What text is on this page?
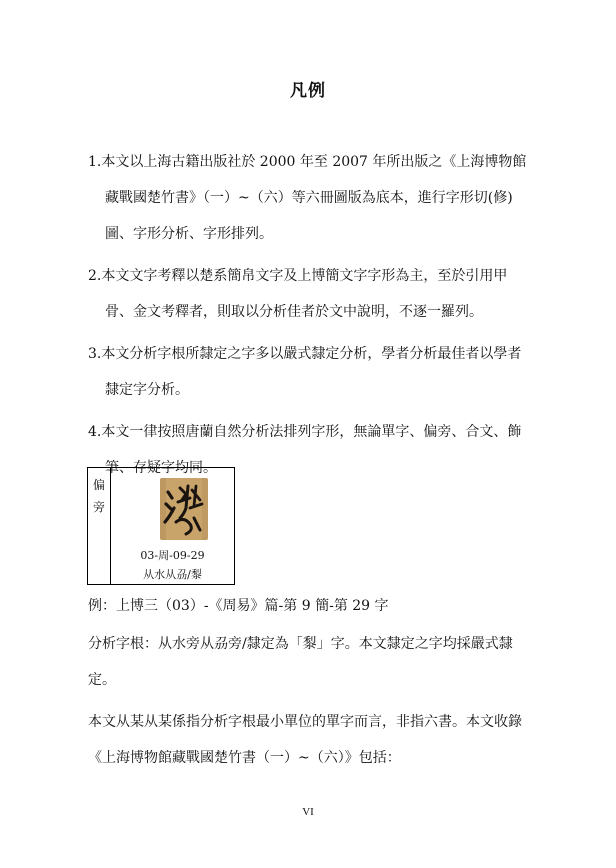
凡例
1.本文以上海古籍出版社於 2000 年至 2007 年所出版之《上海博物館藏戰國楚竹書》（一）~（六）等六冊圖版為底本，進行字形切(修)圖、字形分析、字形排列。
2.本文文字考釋以楚系簡帛文字及上博簡文字字形為主，至於引用甲骨、金文考釋者，則取以分析佳者於文中說明，不逐一羅列。
3.本文分析字根所隸定之字多以嚴式隸定分析，學者分析最佳者以學者隸定字分析。
4.本文一律按照唐蘭自然分析法排列字形，無論單字、偏旁、合文、飾筆、存疑字均同。
偏
旁
03-周-09-29
从水从刕/㴝

例：上博三（03）-《周易》篇-第 9 簡-第 29 字

分析字根：从水旁从刕旁/隸定為「㴝」字。本文隸定之字均採嚴式隸定。

本文从某从某係指分析字根最小單位的單字而言，非指六書。本文收錄《上海博物館藏戰國楚竹書（一）~（六）》包括：

VI
